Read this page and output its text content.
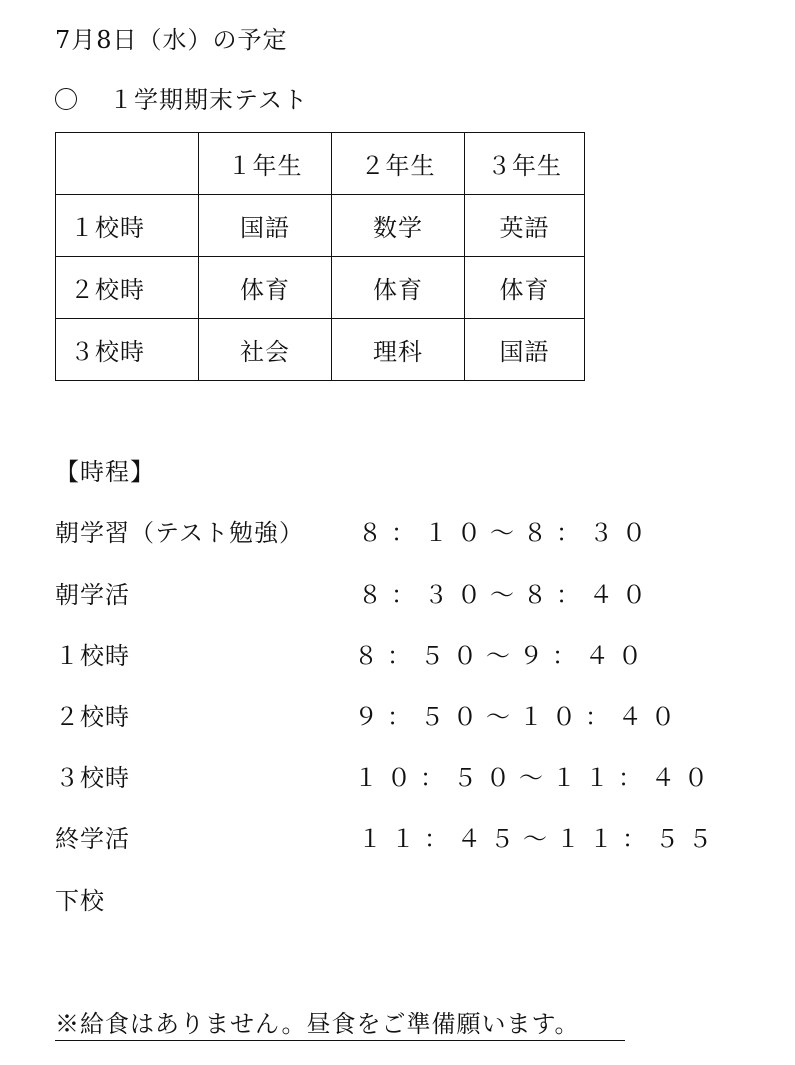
7月8日（水）の予定
１学期期末テスト
	１年生	２年生	３年生
１校時	国語	数学	英語
２校時	体育	体育	体育
３校時	社会	理科	国語
【時程】
朝学習（テスト勉強） ８：１０〜８：３０
朝学活	８：３０〜８：４０
１校時	８：５０〜９：４０
２校時	９：５０〜１０：４０
３校時	１０：５０〜１１：４０
終学活	１１：４５〜１１：５５
下校
※給食はありません。昼食をご準備願います。
